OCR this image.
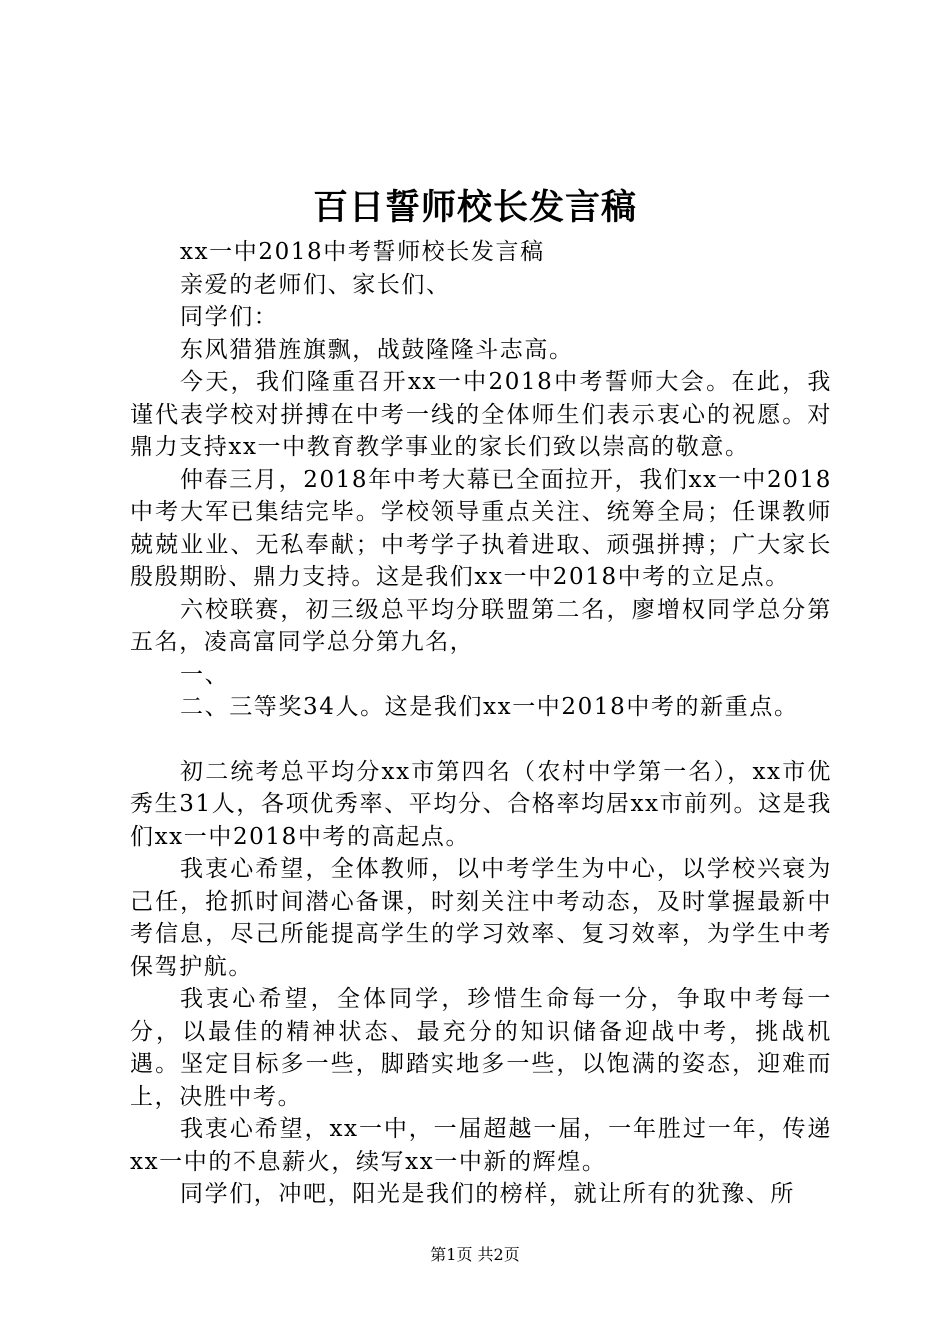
百日誓师校长发言稿

xx一中2018中考誓师校长发言稿

亲爱的老师们、家长们、

同学们：

东风猎猎旌旗飘，战鼓隆隆斗志高。

今天，我们隆重召开xx一中2018中考誓师大会。在此，我谨代表学校对拼搏在中考一线的全体师生们表示衷心的祝愿。对鼎力支持xx一中教育教学事业的家长们致以崇高的敬意。

仲春三月，2018年中考大幕已全面拉开，我们xx一中2018中考大军已集结完毕。学校领导重点关注、统筹全局；任课教师兢兢业业、无私奉献；中考学子执着进取、顽强拼搏；广大家长殷殷期盼、鼎力支持。这是我们xx一中2018中考的立足点。

六校联赛，初三级总平均分联盟第二名，廖增权同学总分第五名，凌高富同学总分第九名，

一、

二、三等奖34人。这是我们xx一中2018中考的新重点。

初二统考总平均分xx市第四名（农村中学第一名），xx市优秀生31人，各项优秀率、平均分、合格率均居xx市前列。这是我们xx一中2018中考的高起点。

我衷心希望，全体教师，以中考学生为中心，以学校兴衰为己任，抢抓时间潜心备课，时刻关注中考动态，及时掌握最新中考信息，尽己所能提高学生的学习效率、复习效率，为学生中考保驾护航。

我衷心希望，全体同学，珍惜生命每一分，争取中考每一分，以最佳的精神状态、最充分的知识储备迎战中考，挑战机遇。坚定目标多一些，脚踏实地多一些，以饱满的姿态，迎难而上，决胜中考。

我衷心希望，xx一中，一届超越一届，一年胜过一年，传递xx一中的不息薪火，续写xx一中新的辉煌。

同学们，冲吧，阳光是我们的榜样，就让所有的犹豫、所

第1页 共2页
